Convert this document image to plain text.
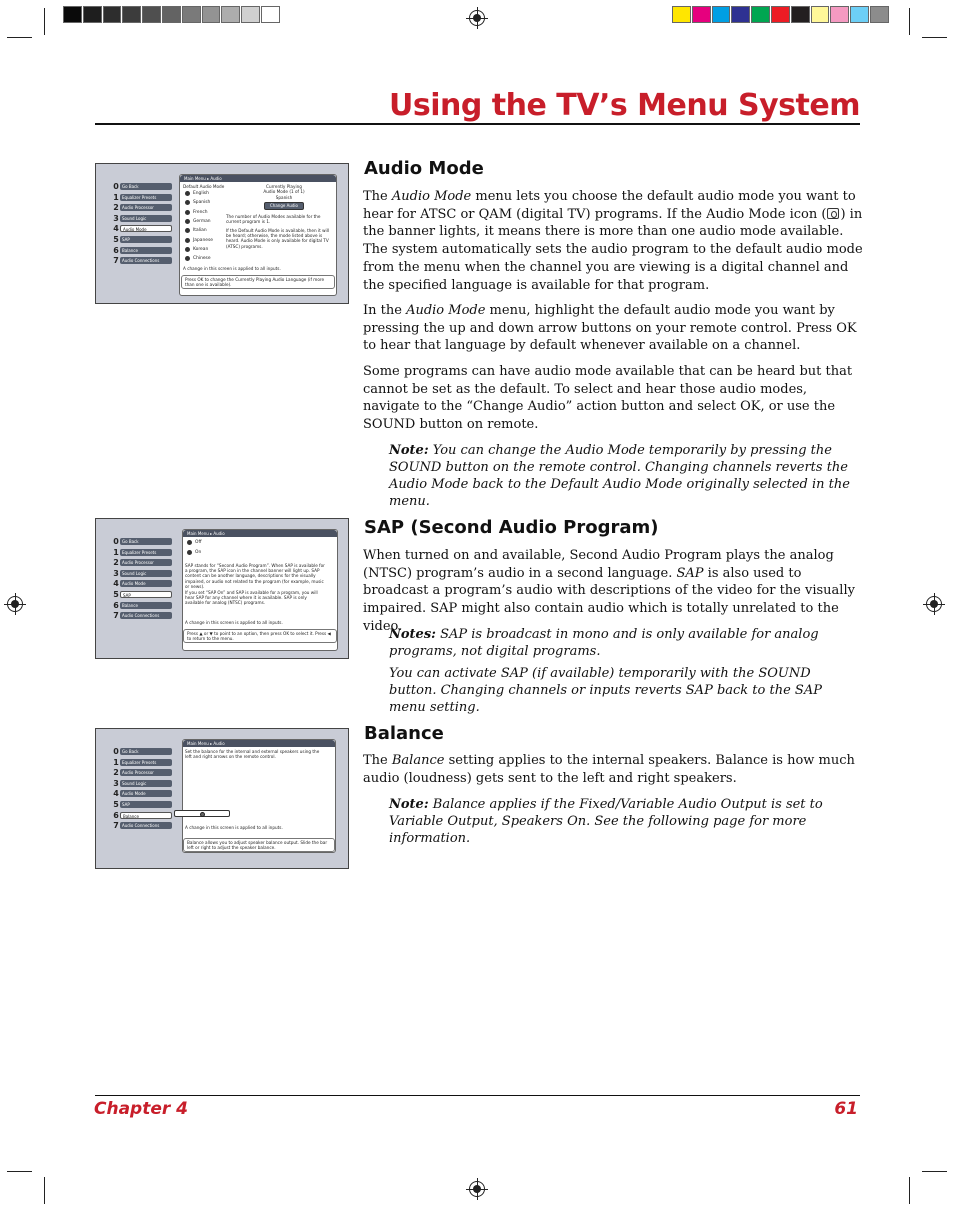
Using the TV’s Menu System
0 Go Back
1 Equalizer Presets
2 Audio Processor
3 Sound Logic
4	Audio Mode
5 SAP
6 Balance
7 Audio Connections
Main Menu ▸ Audio
Default Audio Mode
English
Spanish
French
German
Italian
Japanese
Korean
Chinese
Currently Playing Audio Mode (1 of 1)
Spanish
Change Audio
The number of Audio Modes available for the current program is 1.
If the Default Audio Mode is available, then it will be heard; otherwise, the mode listed above is heard. Audio Mode is only available for digital TV (ATSC) programs.
A change in this screen is applied to all inputs.
Press OK to change the Currently Playing Audio Language (if more than one is available).
Audio Mode
The Audio Mode menu lets you choose the default audio mode you want to hear for ATSC or QAM (digital TV) programs. If the Audio Mode icon ( ) in the banner lights, it means there is more than one audio mode available. The system automatically sets the audio program to the default audio mode from the menu when the channel you are viewing is a digital channel and the specified language is available for that program.
In the Audio Mode menu, highlight the default audio mode you want by pressing the up and down arrow buttons on your remote control. Press OK to hear that language by default whenever available on a channel.
Some programs can have audio mode available that can be heard but that cannot be set as the default. To select and hear those audio modes, navigate to the “Change Audio” action button and select OK, or use the SOUND button on remote.
Note: You can change the Audio Mode temporarily by pressing the SOUND button on the remote control. Changing channels reverts the Audio Mode back to the Default Audio Mode originally selected in the menu.
0 Go Back
1 Equalizer Presets
2 Audio Processor
3 Sound Logic
4 Audio Mode
5	SAP
6 Balance
7 Audio Connections
Main Menu ▸ Audio
Off
On
SAP stands for “Second Audio Program”. When SAP is available for a program, the SAP icon in the channel banner will light up. SAP content can be another language, descriptions for the visually impaired, or audio not related to the program (for example, music or news).
If you set “SAP On” and SAP is available for a program, you will hear SAP for any channel where it is available. SAP is only available for analog (NTSC) programs.
A change in this screen is applied to all inputs.
Press ▲ or ▼ to point to an option, then press OK to select it. Press ◀ to return to the menu.
SAP (Second Audio Program)
When turned on and available, Second Audio Program plays the analog (NTSC) program’s audio in a second language. SAP is also used to broadcast a program’s audio with descriptions of the video for the visually impaired. SAP might also contain audio which is totally unrelated to the video.
Notes: SAP is broadcast in mono and is only available for analog programs, not digital programs.
You can activate SAP (if available) temporarily with the SOUND button. Changing channels or inputs reverts SAP back to the SAP menu setting.
0 Go Back
1 Equalizer Presets
2 Audio Processor
3 Sound Logic
4 Audio Mode
5 SAP
6	Balance
7 Audio Connections
Main Menu ▸ Audio
Set the balance for the internal and external speakers using the left and right arrows on the remote control.
A change in this screen is applied to all inputs.
Balance allows you to adjust speaker balance output. Slide the bar left or right to adjust the speaker balance.
Balance
The Balance setting applies to the internal speakers. Balance is how much audio (loudness) gets sent to the left and right speakers.
Note: Balance applies if the Fixed/Variable Audio Output is set to Variable Output, Speakers On. See the following page for more information.
Chapter 4	61
